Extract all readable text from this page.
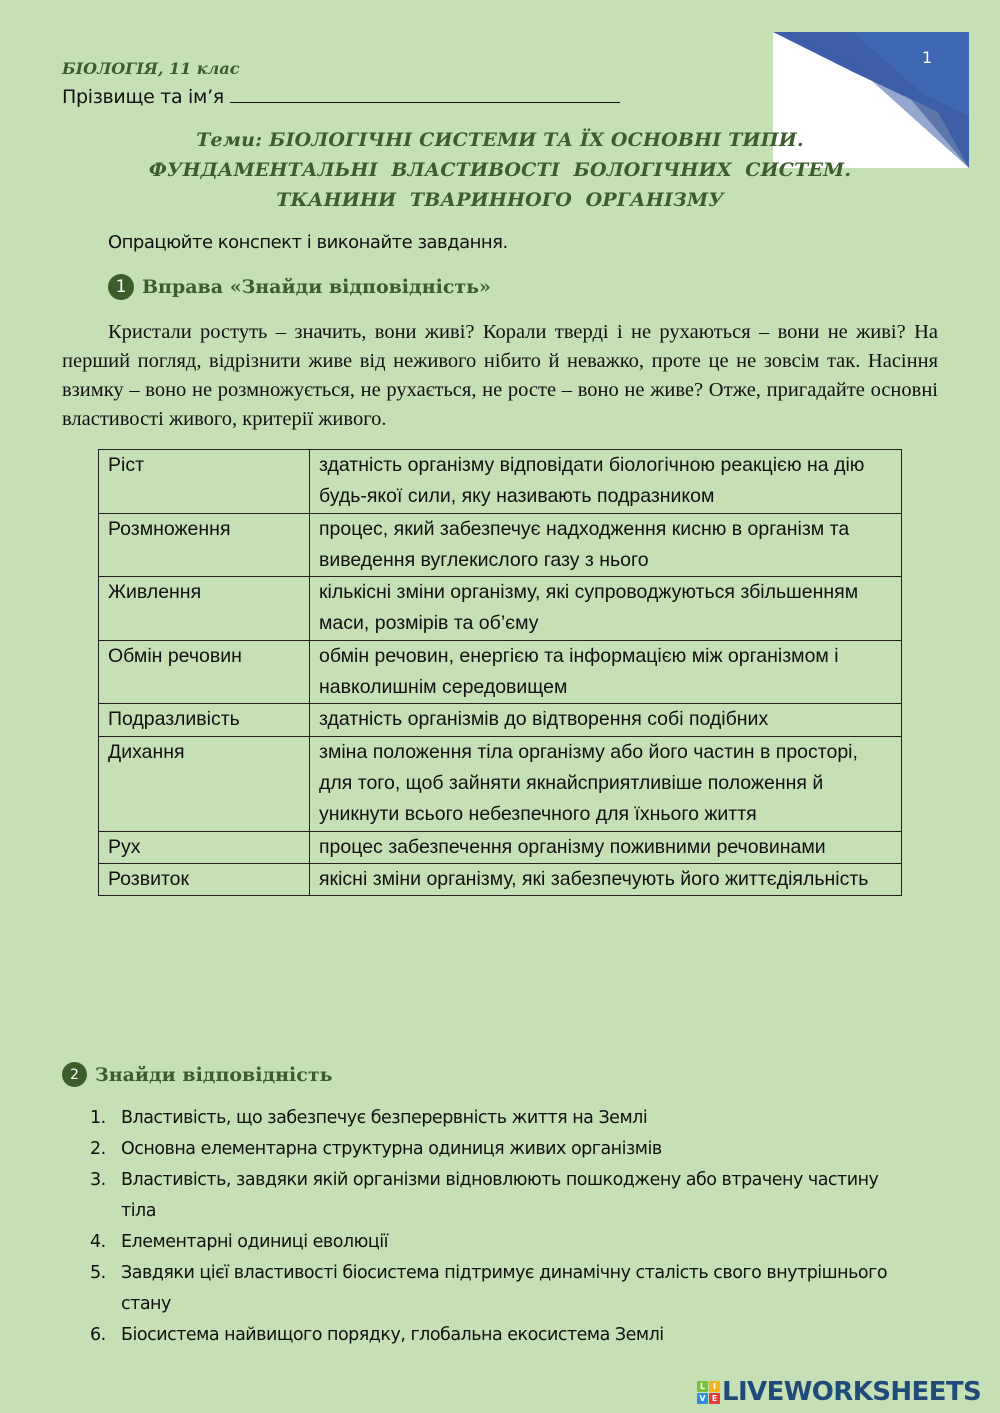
БІОЛОГІЯ, 11 клас
Прізвище та ім’я
1
Теми: БІОЛОГІЧНІ СИСТЕМИ ТА ЇХ ОСНОВНІ ТИПИ.
ФУНДАМЕНТАЛЬНІ  ВЛАСТИВОСТІ  БОЛОГІЧНИХ  СИСТЕМ.
ТКАНИНИ  ТВАРИННОГО  ОРГАНІЗМУ
Опрацюйте конспект і виконайте завдання.
1 Вправа «Знайди відповідність»
Кристали ростуть – значить, вони живі? Корали тверді і не рухаються – вони не живі? На перший погляд, відрізнити живе від неживого нібито й неважко, проте це не зовсім так. Насіння взимку – воно не розмножується, не рухається, не росте – воно не живе? Отже, пригадайте основні властивості живого, критерії живого.
Ріст	здатність організму відповідати біологічною реакцією на дію будь-якої сили, яку називають подразником
Розмноження	процес, який забезпечує надходження кисню в організм та виведення вуглекислого газу з нього
Живлення	кількісні зміни організму, які супроводжуються збільшенням маси, розмірів та об’єму
Обмін речовин	обмін речовин, енергією та інформацією між організмом і навколишнім середовищем
Подразливість	здатність організмів до відтворення собі подібних
Дихання	зміна положення тіла організму або його частин в просторі, для того, щоб зайняти якнайсприятливіше положення й уникнути всього небезпечного для їхнього життя
Рух	процес забезпечення організму поживними речовинами
Розвиток	якісні зміни організму, які забезпечують його життєдіяльність
2 Знайди відповідність
1. Властивість, що забезпечує безперервність життя на Землі
2. Основна елементарна структурна одиниця живих організмів
3. Властивість, завдяки якій організми відновлюють пошкоджену або втрачену частину тіла
4. Елементарні одиниці еволюції
5. Завдяки цієї властивості біосистема підтримує динамічну сталість свого внутрішнього стану
6. Біосистема найвищого порядку, глобальна екосистема Землі
L I
V E LIVEWORKSHEETS
